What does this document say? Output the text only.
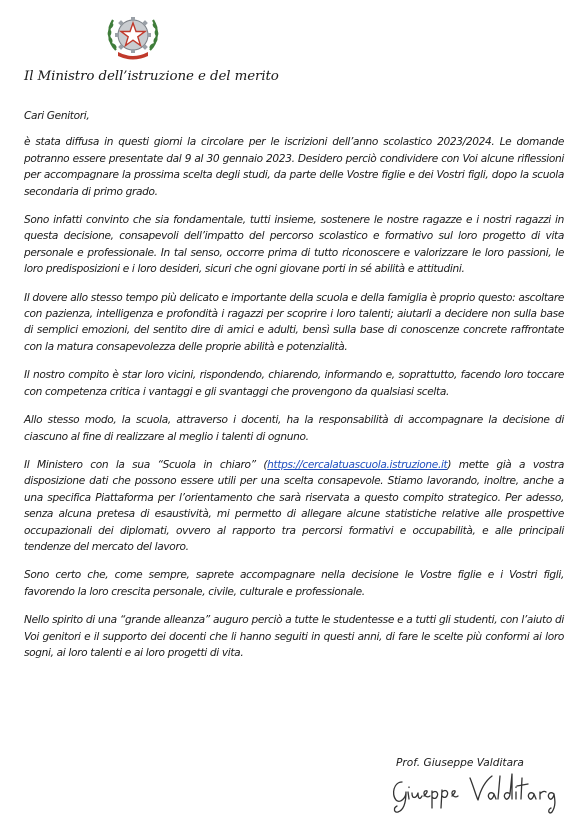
Il Ministro dell’istruzione e del merito

Cari Genitori,

è stata diffusa in questi giorni la circolare per le iscrizioni dell’anno scolastico 2023/2024. Le domande potranno essere presentate dal 9 al 30 gennaio 2023. Desidero perciò condividere con Voi alcune riflessioni per accompagnare la prossima scelta degli studi, da parte delle Vostre figlie e dei Vostri figli, dopo la scuola secondaria di primo grado.

Sono infatti convinto che sia fondamentale, tutti insieme, sostenere le nostre ragazze e i nostri ragazzi in questa decisione, consapevoli dell’impatto del percorso scolastico e formativo sul loro progetto di vita personale e professionale. In tal senso, occorre prima di tutto riconoscere e valorizzare le loro passioni, le loro predisposizioni e i loro desideri, sicuri che ogni giovane porti in sé abilità e attitudini.

Il dovere allo stesso tempo più delicato e importante della scuola e della famiglia è proprio questo: ascoltare con pazienza, intelligenza e profondità i ragazzi per scoprire i loro talenti; aiutarli a decidere non sulla base di semplici emozioni, del sentito dire di amici e adulti, bensì sulla base di conoscenze concrete raffrontate con la matura consapevolezza delle proprie abilità e potenzialità.

Il nostro compito è star loro vicini, rispondendo, chiarendo, informando e, soprattutto, facendo loro toccare con competenza critica i vantaggi e gli svantaggi che provengono da qualsiasi scelta.

Allo stesso modo, la scuola, attraverso i docenti, ha la responsabilità di accompagnare la decisione di ciascuno al fine di realizzare al meglio i talenti di ognuno.

Il Ministero con la sua “Scuola in chiaro” (https://cercalatuascuola.istruzione.it) mette già a vostra disposizione dati che possono essere utili per una scelta consapevole. Stiamo lavorando, inoltre, anche a una specifica Piattaforma per l’orientamento che sarà riservata a questo compito strategico. Per adesso, senza alcuna pretesa di esaustività, mi permetto di allegare alcune statistiche relative alle prospettive occupazionali dei diplomati, ovvero al rapporto tra percorsi formativi e occupabilità, e alle principali tendenze del mercato del lavoro.

Sono certo che, come sempre, saprete accompagnare nella decisione le Vostre figlie e i Vostri figli, favorendo la loro crescita personale, civile, culturale e professionale.

Nello spirito di una “grande alleanza” auguro perciò a tutte le studentesse e a tutti gli studenti, con l’aiuto di Voi genitori e il supporto dei docenti che li hanno seguiti in questi anni, di fare le scelte più conformi ai loro sogni, ai loro talenti e ai loro progetti di vita.

Prof. Giuseppe Valditara
